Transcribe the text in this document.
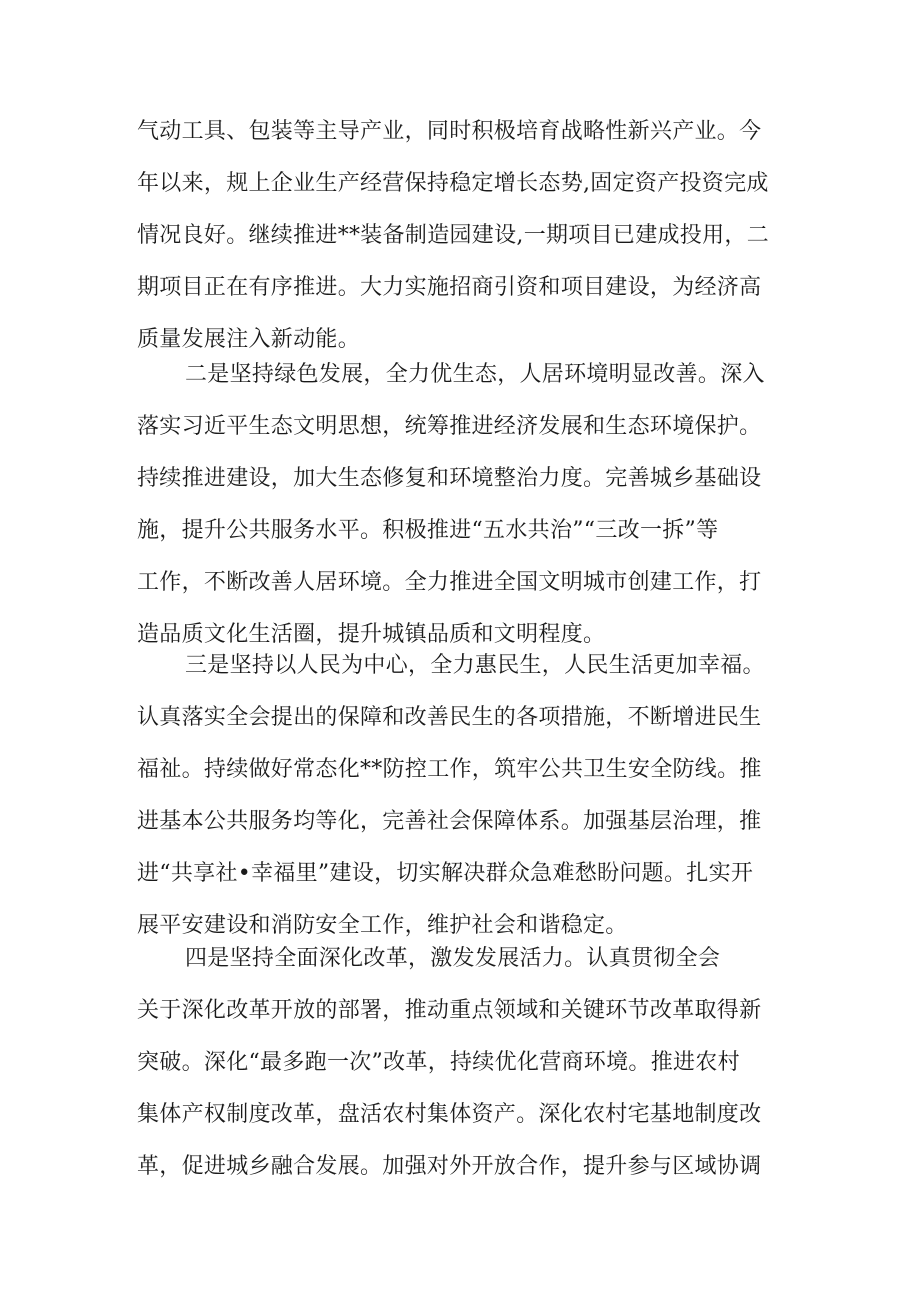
气动工具、包装等主导产业，同时积极培育战略性新兴产业。今
年以来，规上企业生产经营保持稳定增长态势,固定资产投资完成
情况良好。继续推进**装备制造园建设,一期项目已建成投用，二
期项目正在有序推进。大力实施招商引资和项目建设，为经济高
质量发展注入新动能。
二是坚持绿色发展，全力优生态，人居环境明显改善。深入
落实习近平生态文明思想，统筹推进经济发展和生态环境保护。
持续推进建设，加大生态修复和环境整治力度。完善城乡基础设
施，提升公共服务水平。积极推进“五水共治”“三改一拆”等
工作，不断改善人居环境。全力推进全国文明城市创建工作，打
造品质文化生活圈，提升城镇品质和文明程度。
三是坚持以人民为中心，全力惠民生，人民生活更加幸福。
认真落实全会提出的保障和改善民生的各项措施，不断增进民生
福祉。持续做好常态化**防控工作，筑牢公共卫生安全防线。推
进基本公共服务均等化，完善社会保障体系。加强基层治理，推
进“共享社•幸福里”建设，切实解决群众急难愁盼问题。扎实开
展平安建设和消防安全工作，维护社会和谐稳定。
四是坚持全面深化改革，激发发展活力。认真贯彻全会
关于深化改革开放的部署，推动重点领域和关键环节改革取得新
突破。深化“最多跑一次”改革，持续优化营商环境。推进农村
集体产权制度改革，盘活农村集体资产。深化农村宅基地制度改
革，促进城乡融合发展。加强对外开放合作，提升参与区域协调
